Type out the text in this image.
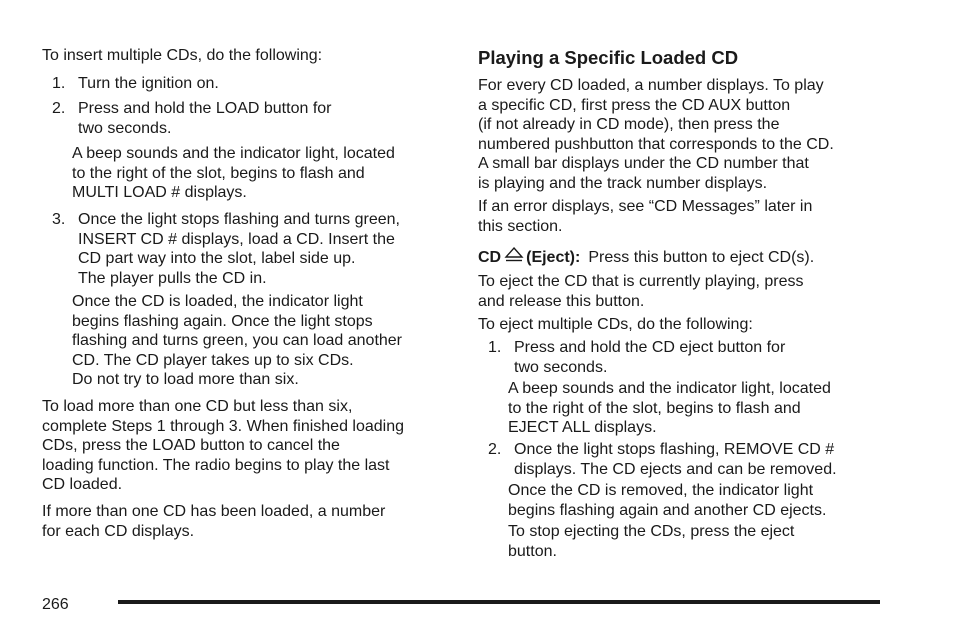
To insert multiple CDs, do the following:

1. Turn the ignition on.
2. Press and hold the LOAD button for
two seconds.
A beep sounds and the indicator light, located
to the right of the slot, begins to flash and
MULTI LOAD # displays.
3. Once the light stops flashing and turns green,
INSERT CD # displays, load a CD. Insert the
CD part way into the slot, label side up.
The player pulls the CD in.
Once the CD is loaded, the indicator light
begins flashing again. Once the light stops
flashing and turns green, you can load another
CD. The CD player takes up to six CDs.
Do not try to load more than six.
To load more than one CD but less than six,
complete Steps 1 through 3. When finished loading
CDs, press the LOAD button to cancel the
loading function. The radio begins to play the last
CD loaded.
If more than one CD has been loaded, a number
for each CD displays.
Playing a Specific Loaded CD
For every CD loaded, a number displays. To play
a specific CD, first press the CD AUX button
(if not already in CD mode), then press the
numbered pushbutton that corresponds to the CD.
A small bar displays under the CD number that
is playing and the track number displays.
If an error displays, see “CD Messages” later in
this section.
CD (Eject): Press this button to eject CD(s).
To eject the CD that is currently playing, press
and release this button.
To eject multiple CDs, do the following:
1. Press and hold the CD eject button for
two seconds.
A beep sounds and the indicator light, located
to the right of the slot, begins to flash and
EJECT ALL displays.
2. Once the light stops flashing, REMOVE CD #
displays. The CD ejects and can be removed.
Once the CD is removed, the indicator light
begins flashing again and another CD ejects.
To stop ejecting the CDs, press the eject
button.
266
